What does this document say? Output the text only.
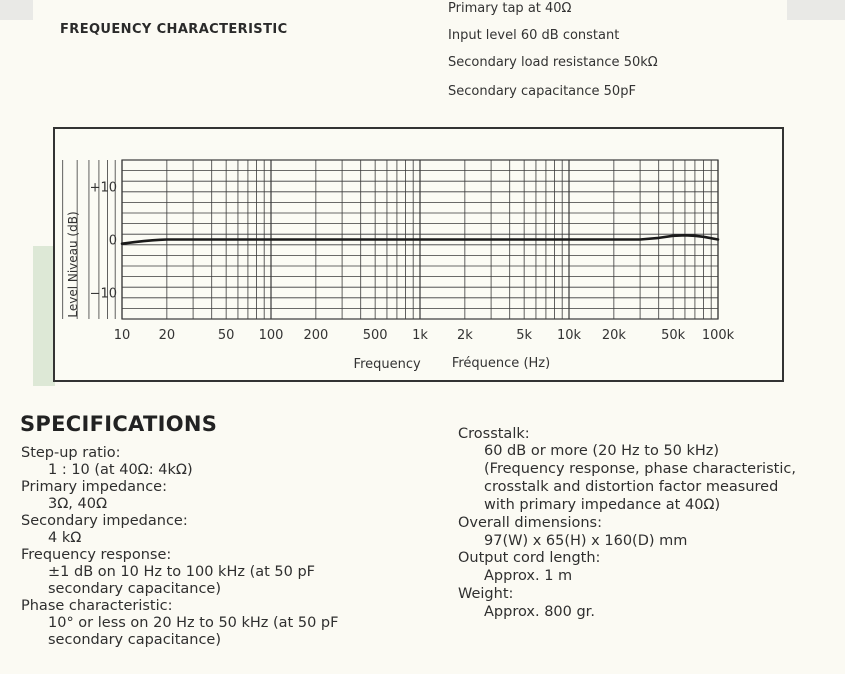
FREQUENCY CHARACTERISTIC
Primary tap at 40Ω
Input level 60 dB constant
Secondary load resistance 50kΩ
Secondary capacitance 50pF
10 20	50 100 200	500 1k 2k	5k 10k 20k	50k 100k
+10
0
−10
Level Niveau (dB)
Frequency Fréquence (Hz)
SPECIFICATIONS
Step-up ratio:
1 : 10 (at 40Ω: 4kΩ)
Primary impedance:
3Ω, 40Ω
Secondary impedance:
4 kΩ
Frequency response:
±1 dB on 10 Hz to 100 kHz (at 50 pF
secondary capacitance)
Phase characteristic:
10° or less on 20 Hz to 50 kHz (at 50 pF
secondary capacitance)
Crosstalk:
60 dB or more (20 Hz to 50 kHz)
(Frequency response, phase characteristic,
crosstalk and distortion factor measured
with primary impedance at 40Ω)
Overall dimensions:
97(W) x 65(H) x 160(D) mm
Output cord length:
Approx. 1 m
Weight:
Approx. 800 gr.
